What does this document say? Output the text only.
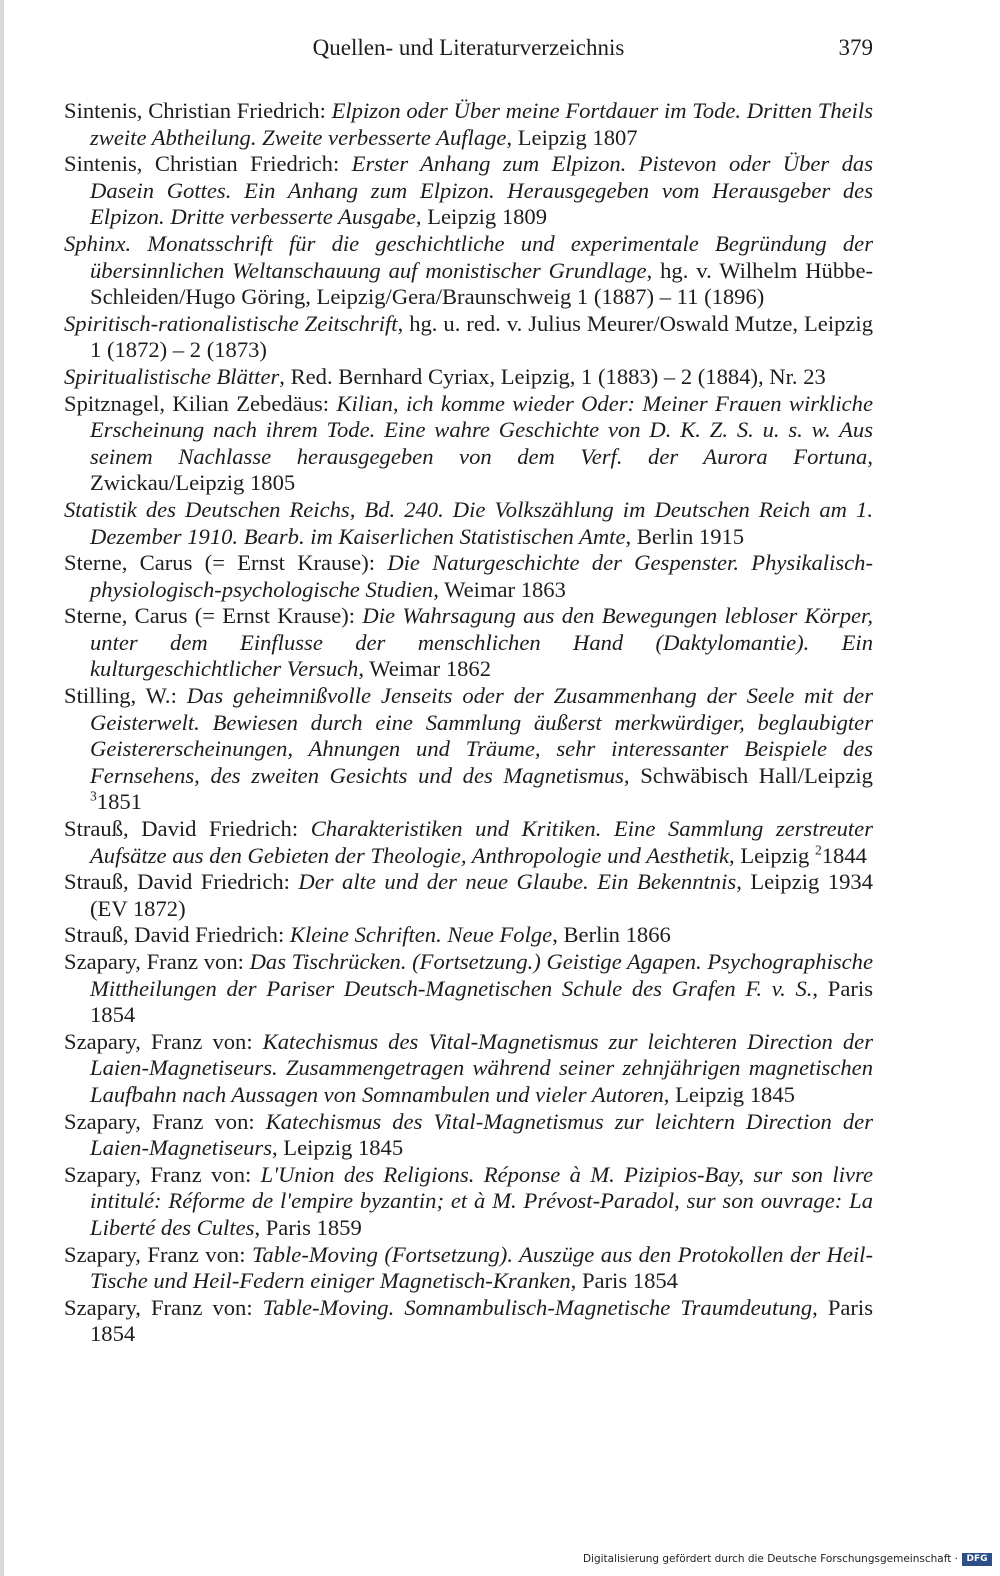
Quellen- und Literaturverzeichnis	379
Sintenis, Christian Friedrich: Elpizon oder Über meine Fortdauer im Tode. Dritten Theils zweite Abtheilung. Zweite verbesserte Auflage, Leipzig 1807
Sintenis, Christian Friedrich: Erster Anhang zum Elpizon. Pistevon oder Über das Dasein Gottes. Ein Anhang zum Elpizon. Herausgegeben vom Herausgeber des Elpizon. Dritte verbesserte Ausgabe, Leipzig 1809
Sphinx. Monatsschrift für die geschichtliche und experimentale Begründung der übersinnlichen Weltanschauung auf monistischer Grundlage, hg. v. Wilhelm Hübbe-Schleiden/Hugo Göring, Leipzig/Gera/Braunschweig 1 (1887) – 11 (1896)
Spiritisch-rationalistische Zeitschrift, hg. u. red. v. Julius Meurer/Oswald Mutze, Leipzig 1 (1872) – 2 (1873)
Spiritualistische Blätter, Red. Bernhard Cyriax, Leipzig, 1 (1883) – 2 (1884), Nr. 23
Spitznagel, Kilian Zebedäus: Kilian, ich komme wieder Oder: Meiner Frauen wirkliche Erscheinung nach ihrem Tode. Eine wahre Geschichte von D. K. Z. S. u. s. w. Aus seinem Nachlasse herausgegeben von dem Verf. der Aurora Fortuna, Zwickau/Leipzig 1805
Statistik des Deutschen Reichs, Bd. 240. Die Volkszählung im Deutschen Reich am 1. Dezember 1910. Bearb. im Kaiserlichen Statistischen Amte, Berlin 1915
Sterne, Carus (= Ernst Krause): Die Naturgeschichte der Gespenster. Physikalisch-physiologisch-psychologische Studien, Weimar 1863
Sterne, Carus (= Ernst Krause): Die Wahrsagung aus den Bewegungen lebloser Körper, unter dem Einflusse der menschlichen Hand (Daktylomantie). Ein kulturgeschichtlicher Versuch, Weimar 1862
Stilling, W.: Das geheimnißvolle Jenseits oder der Zusammenhang der Seele mit der Geisterwelt. Bewiesen durch eine Sammlung äußerst merkwürdiger, beglaubigter Geistererscheinungen, Ahnungen und Träume, sehr interessanter Beispiele des Fernsehens, des zweiten Gesichts und des Magnetismus, Schwäbisch Hall/Leipzig $^3$1851
Strauß, David Friedrich: Charakteristiken und Kritiken. Eine Sammlung zerstreuter Aufsätze aus den Gebieten der Theologie, Anthropologie und Aesthetik, Leipzig $^2$1844
Strauß, David Friedrich: Der alte und der neue Glaube. Ein Bekenntnis, Leipzig 1934 (EV 1872)
Strauß, David Friedrich: Kleine Schriften. Neue Folge, Berlin 1866
Szapary, Franz von: Das Tischrücken. (Fortsetzung.) Geistige Agapen. Psychographische Mittheilungen der Pariser Deutsch-Magnetischen Schule des Grafen F. v. S., Paris 1854
Szapary, Franz von: Katechismus des Vital-Magnetismus zur leichteren Direction der Laien-Magnetiseurs. Zusammengetragen während seiner zehnjährigen magnetischen Laufbahn nach Aussagen von Somnambulen und vieler Autoren, Leipzig 1845
Szapary, Franz von: Katechismus des Vital-Magnetismus zur leichtern Direction der Laien-Magnetiseurs, Leipzig 1845
Szapary, Franz von: L'Union des Religions. Réponse à M. Pizipios-Bay, sur son livre intitulé: Réforme de l'empire byzantin; et à M. Prévost-Paradol, sur son ouvrage: La Liberté des Cultes, Paris 1859
Szapary, Franz von: Table-Moving (Fortsetzung). Auszüge aus den Protokollen der Heil-Tische und Heil-Federn einiger Magnetisch-Kranken, Paris 1854
Szapary, Franz von: Table-Moving. Somnambulisch-Magnetische Traumdeutung, Paris 1854
Digitalisierung gefördert durch die Deutsche Forschungsgemeinschaft · DFG
